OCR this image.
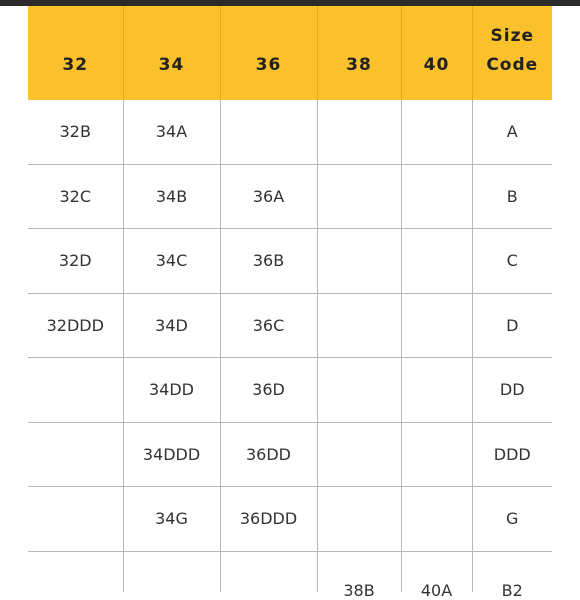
32	34	36	38	40	Size
Code

32B	34A				A
32C	34B	36A			B
32D	34C	36B			C
32DDD	34D	36C			D
	34DD	36D			DD
	34DDD	36DD			DDD
	34G	36DDD			G
			38B	40A	B2
